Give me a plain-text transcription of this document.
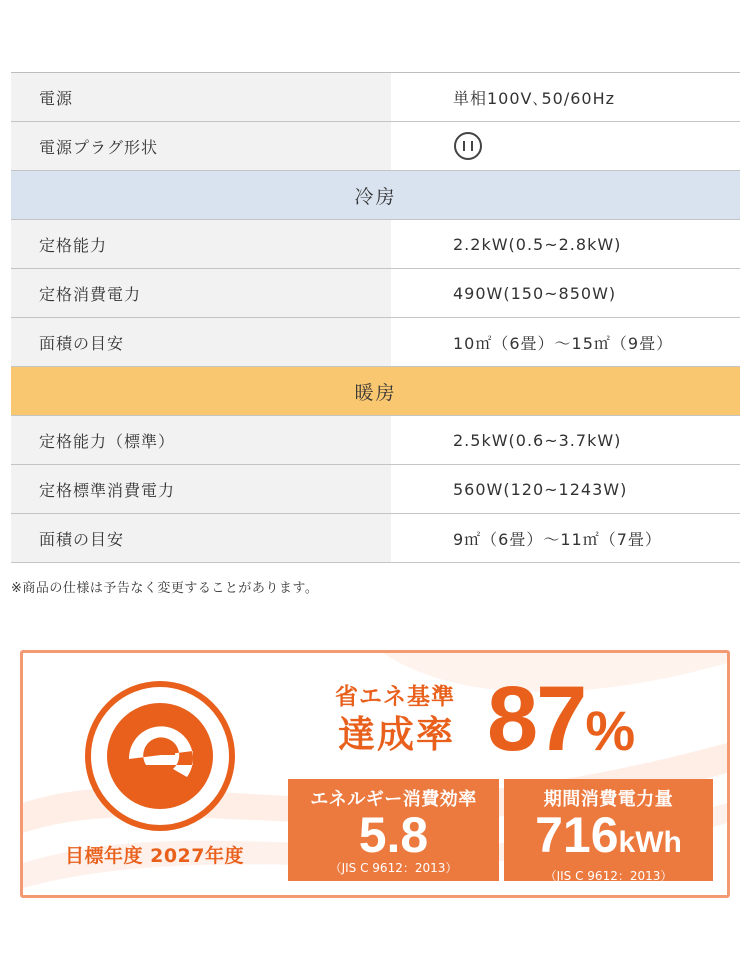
電源	単相100V､50/60Hz
電源プラグ形状
冷房
定格能力	2.2kW(0.5~2.8kW)
定格消費電力	490W(150~850W)
面積の目安	10㎡（6畳）～15㎡（9畳）
暖房
定格能力（標準）	2.5kW(0.6~3.7kW)
定格標準消費電力	560W(120~1243W)
面積の目安	9㎡（6畳）～11㎡（7畳）
※商品の仕様は予告なく変更することがあります。
目標年度 2027年度
省エネ基準
達成率 87%
エネルギー消費効率
5.8
（JIS C 9612：2013）
期間消費電力量
716kWh
（JIS C 9612：2013）
